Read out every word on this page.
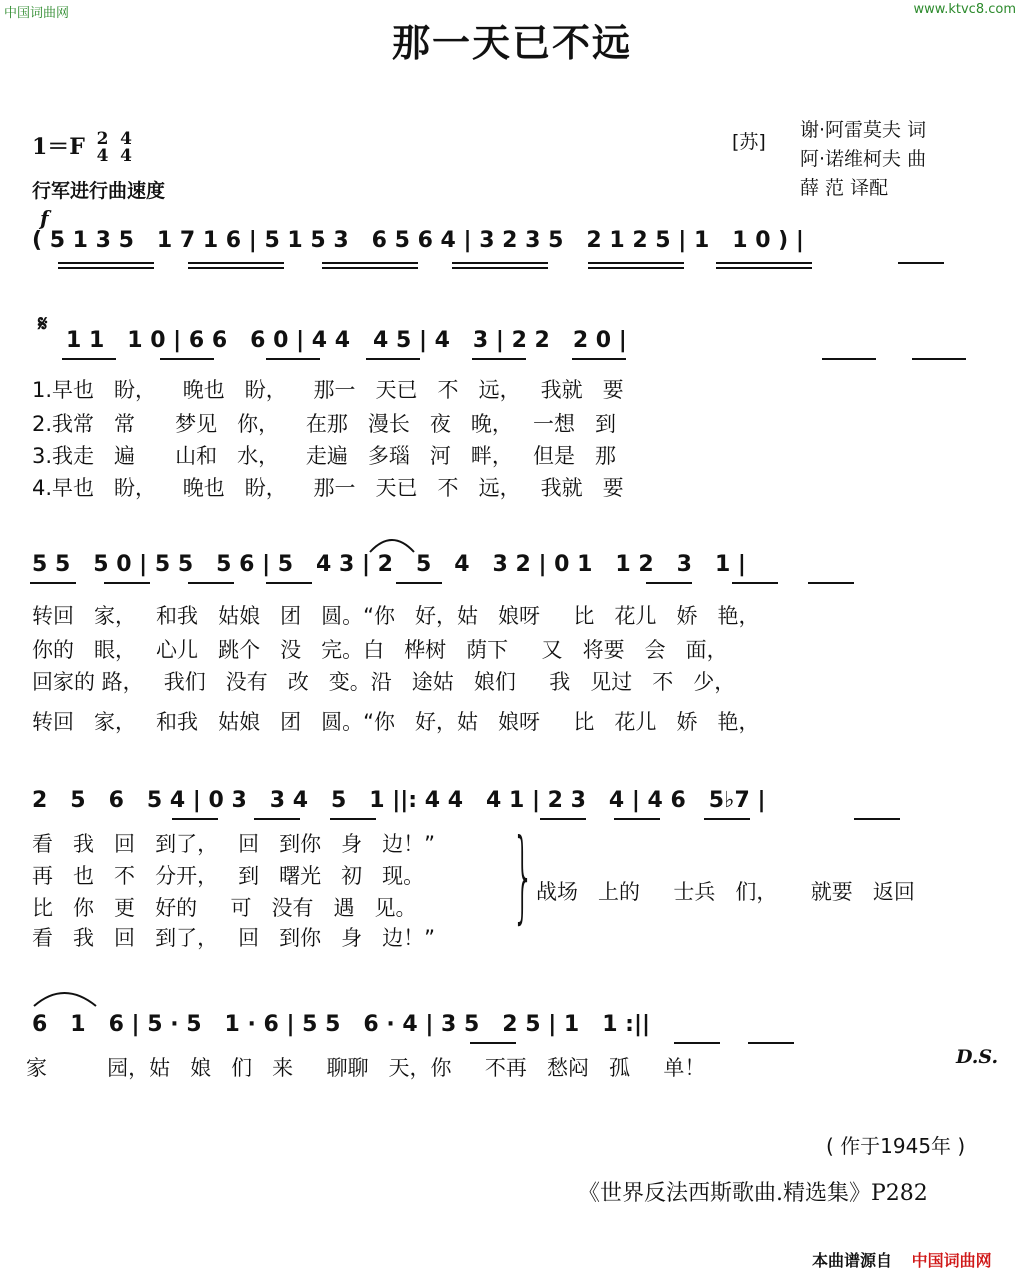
中国词曲网	www.ktvc8.com
那一天已不远
1＝F 2
4

4
4
行军进行曲速度
[苏]
谢·阿雷莫夫 词
阿·诺维柯夫 曲
薛 范 译配
f
( 5 1 3 5   1 7 1 6 | 5 1 5 3   6 5 6 4 | 3 2 3 5   2 1 2 5 | 1   1 0 ) |
𝄋
1 1   1 0 | 6 6   6 0 | 4 4   4 5 | 4   3 | 2 2   2 0 |
1.早也   盼，    晚也   盼，    那一   天已   不   远，   我就   要
2.我常   常      梦见   你，    在那   漫长   夜   晚，   一想   到
3.我走   遍      山和   水，    走遍   多瑙   河   畔，   但是   那
4.早也   盼，    晚也   盼，    那一   天已   不   远，   我就   要
5 5   5 0 | 5 5   5 6 | 5   4 3 | 2   5   4   3 2 | 0 1   1 2   3   1 |
转回   家，   和我   姑娘   团   圆。“你   好，姑   娘呀     比   花儿   娇   艳，
你的   眼，   心儿   跳个   没   完。白   桦树   荫下     又   将要   会   面，
回家的 路，   我们   没有   改   变。沿   途姑   娘们     我   见过   不   少，
转回   家，   和我   姑娘   团   圆。“你   好，姑   娘呀     比   花儿   娇   艳，
2   5   6   5 4 | 0 3   3 4   5   1 ||: 4 4   4 1 | 2 3   4 | 4 6   5♭7 |
看   我   回   到了，   回   到你   身   边！”
再   也   不   分开，   到   曙光   初   现。
比   你   更   好的     可   没有   遇   见。
看   我   回   到了，   回   到你   身   边！”
} 战场   上的     士兵   们，     就要   返回
6   1   6 | 5 · 5   1 · 6 | 5 5   6 · 4 | 3 5   2 5 | 1   1 :||
家         园，姑   娘   们   来     聊聊   天，你     不再   愁闷   孤     单！	D.S.
( 作于1945年 )
《世界反法西斯歌曲.精选集》P282
本曲谱源自 中国词曲网
